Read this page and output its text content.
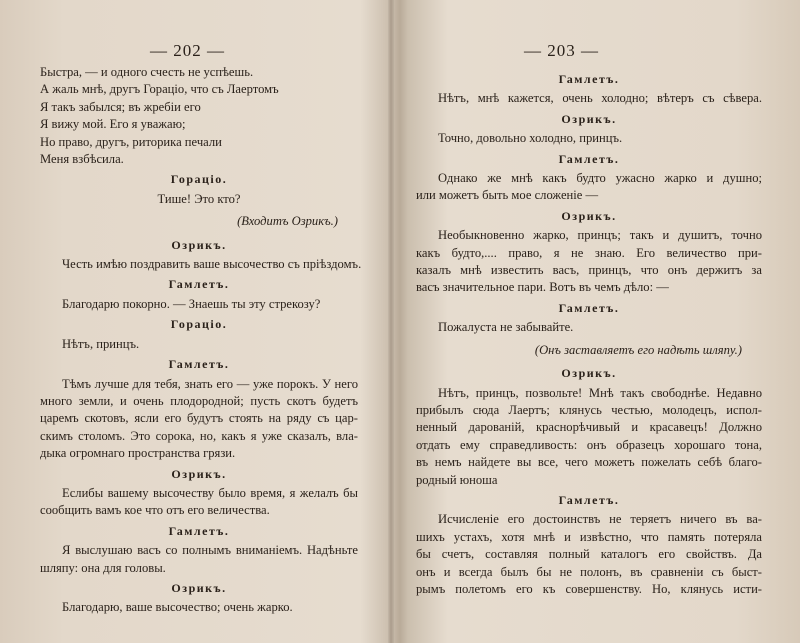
— 202 —
Быстра, — и одного счесть не успѣешь.
А жаль мнѣ, другъ Горацiо, что съ Лаертомъ
Я такъ забылся; въ жребiи его
Я вижу мой. Его я уважаю;
Но право, другъ, риторика печали
Меня взбѣсила.
Горацiо.
Тише! Это кто?
(Входитъ Озрикъ.)
Озрикъ.
Честь имѣю поздравить ваше высочество съ прiѣздомъ.
Гамлетъ.
Благодарю покорно. — Знаешь ты эту стрекозу?
Горацiо.
Нѣтъ, принцъ.
Гамлетъ.
Тѣмъ лучше для тебя, знать его — уже порокъ. У него
много земли, и очень плодородной; пусть скотъ будетъ
царемъ скотовъ, ясли его будутъ стоять на ряду съ цар-
скимъ столомъ. Это сорока, но, какъ я уже сказалъ, вла-
дыка огромнаго пространства грязи.
Озрикъ.
Еслибы вашему высочеству было время, я желалъ бы
сообщить вамъ кое что отъ его величества.
Гамлетъ.
Я выслушаю васъ со полнымъ вниманiемъ. Надѣньте
шляпу: она для головы.
Озрикъ.
Благодарю, ваше высочество; очень жарко.
— 203 —
Гамлетъ.
Нѣтъ, мнѣ кажется, очень холодно; вѣтеръ съ сѣвера.
Озрикъ.
Точно, довольно холодно, принцъ.
Гамлетъ.
Однако же мнѣ какъ будто ужасно жарко и душно;
или можетъ быть мое сложенiе —
Озрикъ.
Необыкновенно жарко, принцъ; такъ и душитъ, точно
какъ будто,.... право, я не знаю. Его величество при-
казалъ мнѣ известить васъ, принцъ, что онъ держитъ за
васъ значительное пари. Вотъ въ чемъ дѣло: —
Гамлетъ.
Пожалуста не забывайте.
(Онъ заставляетъ его надѣть шляпу.)
Озрикъ.
Нѣтъ, принцъ, позвольте! Мнѣ такъ свободнѣе. Недавно
прибылъ сюда Лаертъ; клянусь честью, молодецъ, испол-
ненный дарованiй, краснорѣчивый и красавецъ! Должно
отдать ему справедливость: онъ образецъ хорошаго тона,
въ немъ найдете вы все, чего можетъ пожелать себѣ благо-
родный юноша
Гамлетъ.
Исчисленiе его достоинствъ не теряетъ ничего въ ва-
шихъ устахъ, хотя мнѣ и извѣстно, что память потеряла
бы счетъ, составляя полный каталогъ его свойствъ. Да
онъ и всегда былъ бы не полонъ, въ сравненiи съ быст-
рымъ полетомъ его къ совершенству. Но, клянусь исти-
